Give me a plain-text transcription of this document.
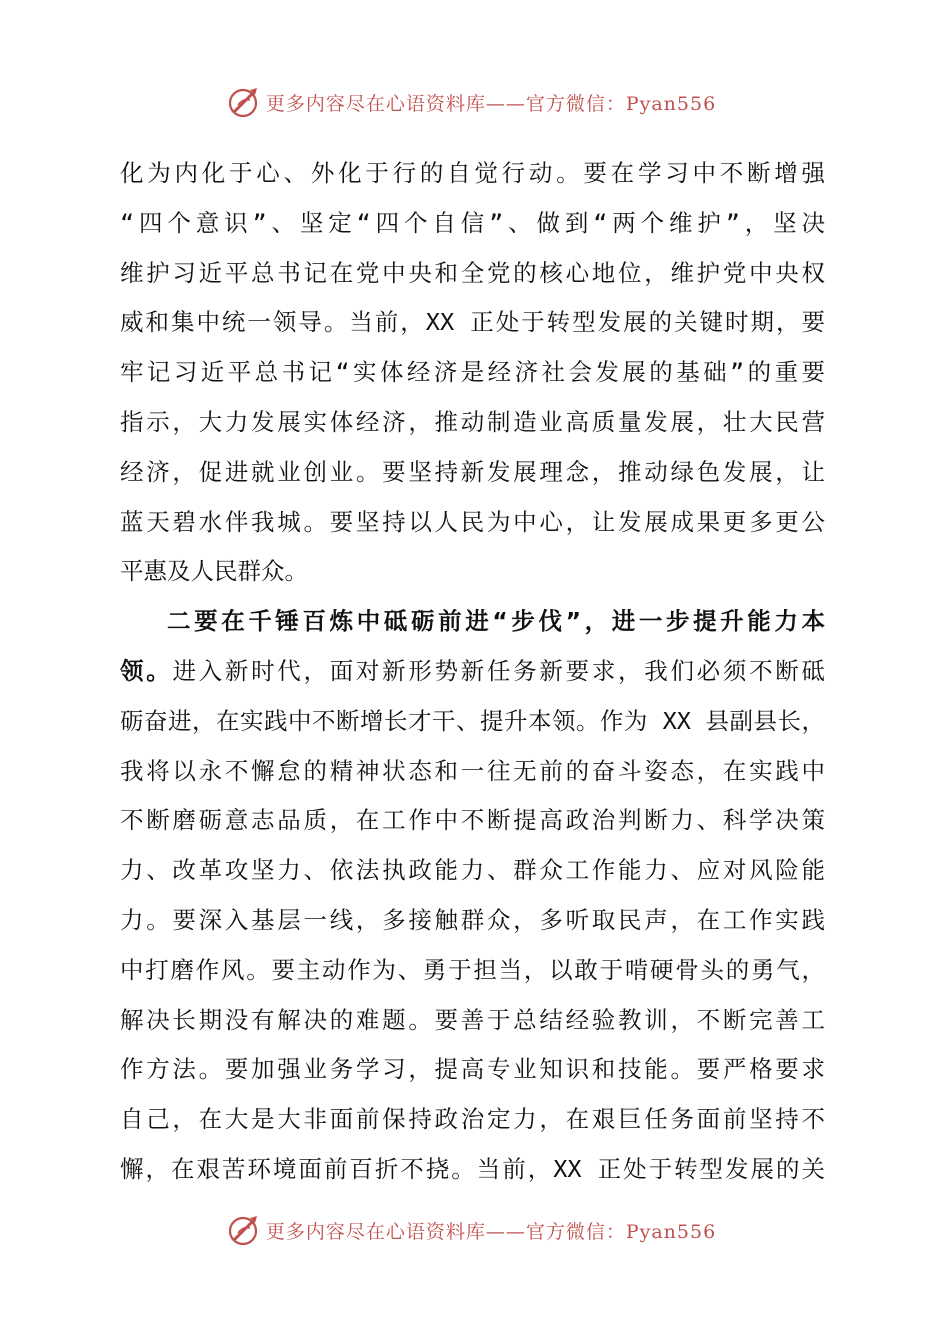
更多内容尽在心语资料库——官方微信：Pyan556
化为内化于心、外化于行的自觉行动。要在学习中不断增强
“四个意识”、坚定“四个自信”、做到“两个维护”，坚决
维护习近平总书记在党中央和全党的核心地位，维护党中央权
威和集中统一领导。当前，XX 正处于转型发展的关键时期，要
牢记习近平总书记“实体经济是经济社会发展的基础”的重要
指示，大力发展实体经济，推动制造业高质量发展，壮大民营
经济，促进就业创业。要坚持新发展理念，推动绿色发展，让
蓝天碧水伴我城。要坚持以人民为中心，让发展成果更多更公
平惠及人民群众。
二要在千锤百炼中砥砺前进“步伐”，进一步提升能力本
领。进入新时代，面对新形势新任务新要求，我们必须不断砥
砺奋进，在实践中不断增长才干、提升本领。作为 XX 县副县长，
我将以永不懈怠的精神状态和一往无前的奋斗姿态，在实践中
不断磨砺意志品质，在工作中不断提高政治判断力、科学决策
力、改革攻坚力、依法执政能力、群众工作能力、应对风险能
力。要深入基层一线，多接触群众，多听取民声，在工作实践
中打磨作风。要主动作为、勇于担当，以敢于啃硬骨头的勇气，
解决长期没有解决的难题。要善于总结经验教训，不断完善工
作方法。要加强业务学习，提高专业知识和技能。要严格要求
自己，在大是大非面前保持政治定力，在艰巨任务面前坚持不
懈，在艰苦环境面前百折不挠。当前，XX 正处于转型发展的关
更多内容尽在心语资料库——官方微信：Pyan556
